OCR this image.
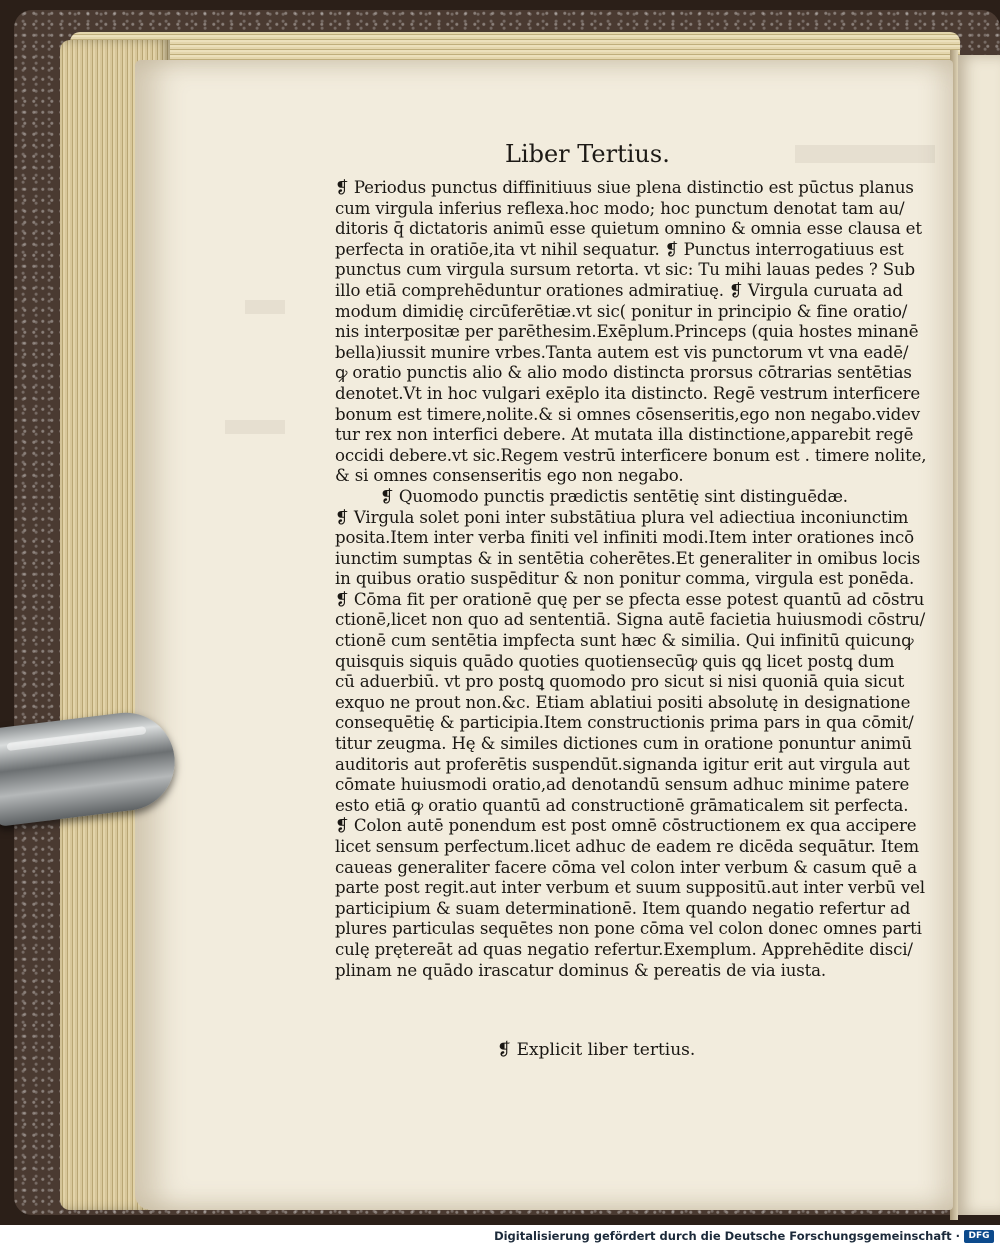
Liber Tertius.
❡ Periodus punctus diffinitiuus siue plena distinctio est pūctus planus
cum virgula inferius reflexa.hoc modo; hoc punctum denotat tam au/
ditoris q̄ dictatoris animū esse quietum omnino & omnia esse clausa et
perfecta in oratiōe,ita vt nihil sequatur. ❡ Punctus interrogatiuus est
punctus cum virgula sursum retorta. vt sic: Tu mihi lauas pedes ? Sub
illo etiā comprehēduntur orationes admiratiuę. ❡ Virgula curuata ad
modum dimidię circūferētiæ.vt sic( ponitur in principio & fine oratio/
nis interpositæ per parēthesim.Exēplum.Princeps (quia hostes minanē
bella)iussit munire vrbes.Tanta autem est vis punctorum vt vna eadē/
ꝙ oratio punctis alio & alio modo distincta prorsus cōtrarias sentētias
denotet.Vt in hoc vulgari exēplo ita distincto. Regē vestrum interficere
bonum est timere,nolite.& si omnes cōsenseritis,ego non negabo.videv
tur rex non interfici debere. At mutata illa distinctione,apparebit regē
occidi debere.vt sic.Regem vestrū interficere bonum est . timere nolite,
& si omnes consenseritis ego non negabo.
❡ Quomodo punctis prædictis sentētię sint distinguēdæ.
❡ Virgula solet poni inter substātiua plura vel adiectiua inconiunctim
posita.Item inter verba finiti vel infiniti modi.Item inter orationes incō
iunctim sumptas & in sentētia coherētes.Et generaliter in omibus locis
in quibus oratio suspēditur & non ponitur comma, virgula est ponēda.
❡ Cōma fit per orationē quę per se pfecta esse potest quantū ad cōstru
ctionē,licet non quo ad sententiā. Signa autē facietia huiusmodi cōstru/
ctionē cum sentētia impfecta sunt hæc & similia. Qui infinitū quicunꝙ
quisquis siquis quādo quoties quotiensecūꝙ ꝗuis ꝗꝗ licet postꝗ dum
cū aduerbiū. vt pro postꝗ quomodo pro sicut si nisi quoniā quia sicut
exquo ne prout non.&c. Etiam ablatiui positi absolutę in designatione
consequētię & participia.Item constructionis prima pars in qua cōmit/
titur zeugma. Hę & similes dictiones cum in oratione ponuntur animū
auditoris aut proferētis suspendūt.signanda igitur erit aut virgula aut
cōmate huiusmodi oratio,ad denotandū sensum adhuc minime patere
esto etiā ꝙ oratio quantū ad constructionē grāmaticalem sit perfecta.
❡ Colon autē ponendum est post omnē cōstructionem ex qua accipere
licet sensum perfectum.licet adhuc de eadem re dicēda sequātur. Item
caueas generaliter facere cōma vel colon inter verbum & casum quē a
parte post regit.aut inter verbum et suum suppositū.aut inter verbū vel
participium & suam determinationē. Item quando negatio refertur ad
plures particulas sequētes non pone cōma vel colon donec omnes parti
culę prętereāt ad quas negatio refertur.Exemplum. Apprehēdite disci/
plinam ne quādo irascatur dominus & pereatis de via iusta.
❡ Explicit liber tertius.
Digitalisierung gefördert durch die Deutsche Forschungsgemeinschaft · DFG
